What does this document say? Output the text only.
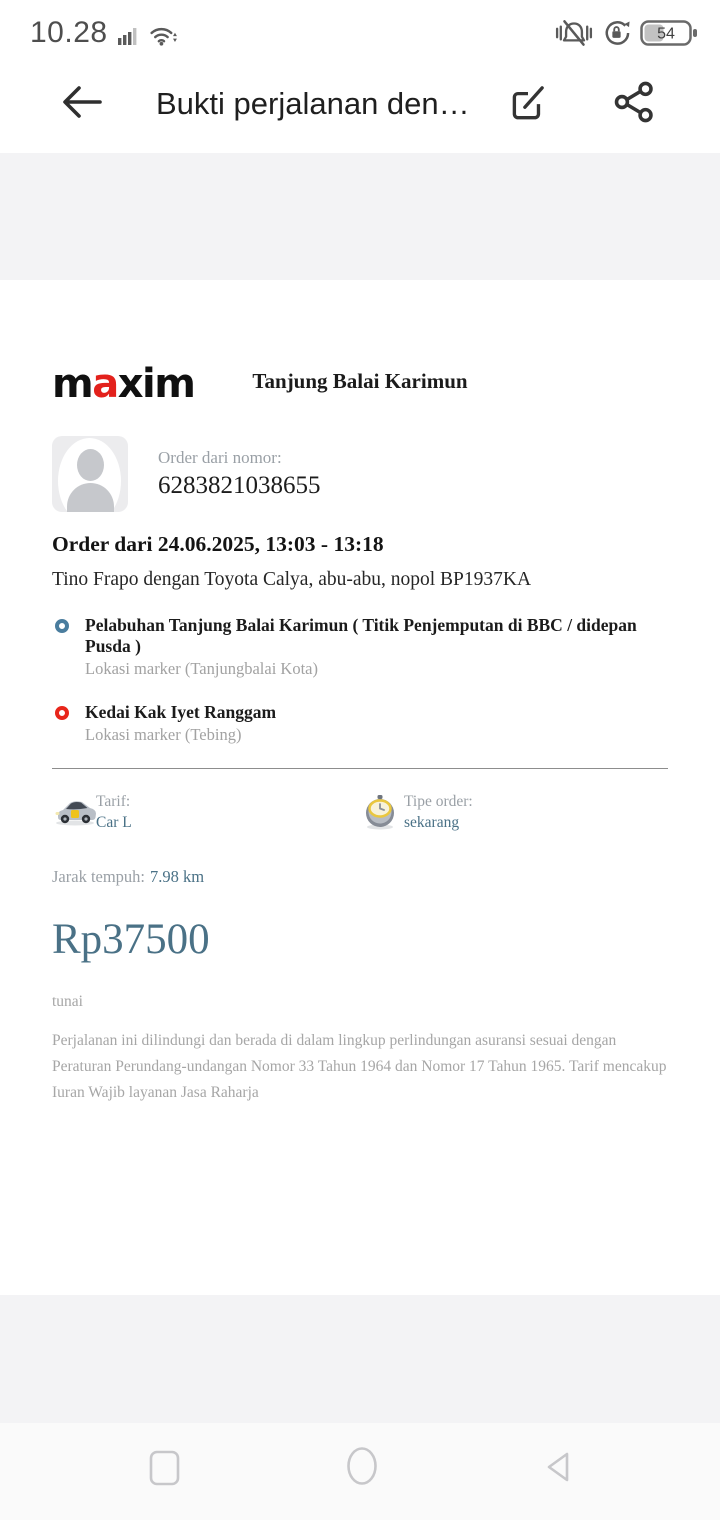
10.28	54
Bukti perjalanan den…
maxim	Tanjung Balai Karimun
Order dari nomor:
6283821038655
Order dari 24.06.2025, 13:03 - 13:18
Tino Frapo dengan Toyota Calya, abu-abu, nopol BP1937KA
Pelabuhan Tanjung Balai Karimun ( Titik Penjemputan di BBC / didepan Pusda )
Lokasi marker (Tanjungbalai Kota)
Kedai Kak Iyet Ranggam
Lokasi marker (Tebing)
Tarif:
Car L
Tipe order:
sekarang
Jarak tempuh: 7.98 km
Rp37500
tunai
Perjalanan ini dilindungi dan berada di dalam lingkup perlindungan asuransi sesuai dengan Peraturan Perundang-undangan Nomor 33 Tahun 1964 dan Nomor 17 Tahun 1965. Tarif mencakup Iuran Wajib layanan Jasa Raharja
